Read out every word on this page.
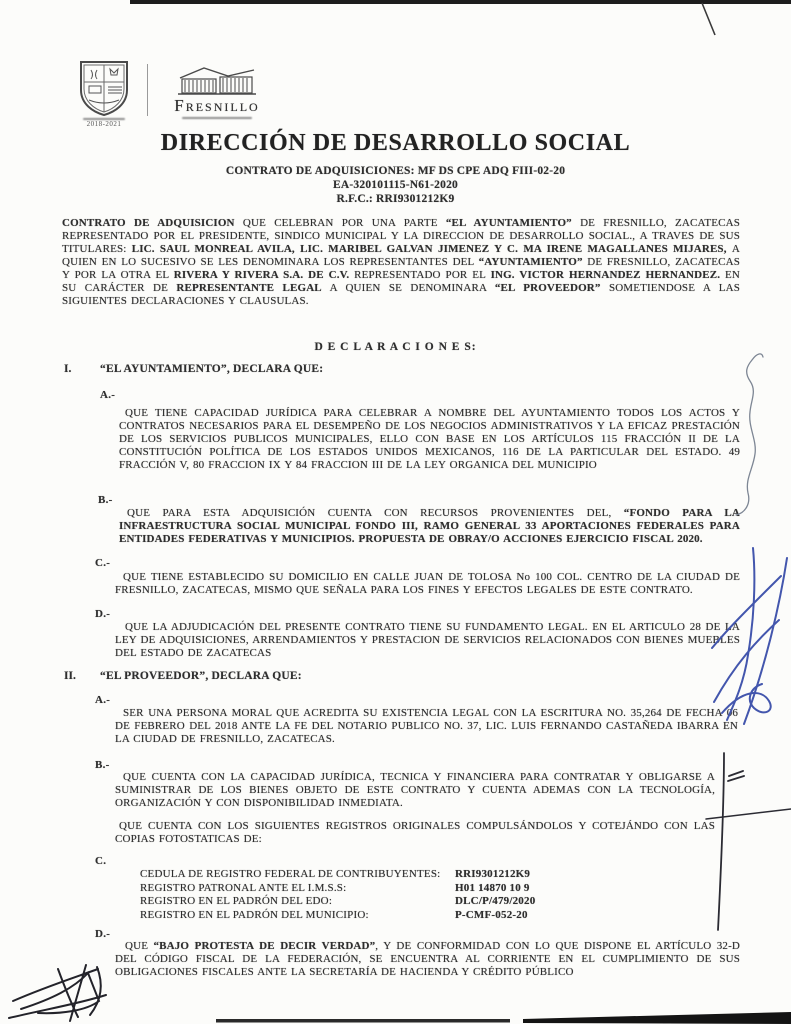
2018-2021
Fresnillo
DIRECCIÓN DE DESARROLLO SOCIAL
CONTRATO DE ADQUISICIONES: MF DS CPE ADQ FIII-02-20
EA-320101115-N61-2020
R.F.C.: RRI9301212K9
CONTRATO DE ADQUISICION QUE CELEBRAN POR UNA PARTE “EL AYUNTAMIENTO” DE FRESNILLO, ZACATECAS REPRESENTADO POR EL PRESIDENTE, SINDICO MUNICIPAL Y LA DIRECCION DE DESARROLLO SOCIAL., A TRAVES DE SUS TITULARES: LIC. SAUL MONREAL AVILA, LIC. MARIBEL GALVAN JIMENEZ Y C. MA IRENE MAGALLANES MIJARES, A QUIEN EN LO SUCESIVO SE LES DENOMINARA LOS REPRESENTANTES DEL “AYUNTAMIENTO” DE FRESNILLO, ZACATECAS Y POR LA OTRA EL RIVERA Y RIVERA S.A. DE C.V. REPRESENTADO POR EL ING. VICTOR HERNANDEZ HERNANDEZ. EN SU CARÁCTER DE REPRESENTANTE LEGAL A QUIEN SE DENOMINARA “EL PROVEEDOR” SOMETIENDOSE A LAS SIGUIENTES DECLARACIONES Y CLAUSULAS.
D E C L A R A C I O N E S:
I. “EL AYUNTAMIENTO”, DECLARA QUE:
A.-
QUE TIENE CAPACIDAD JURÍDICA PARA CELEBRAR A NOMBRE DEL AYUNTAMIENTO TODOS LOS ACTOS Y CONTRATOS NECESARIOS PARA EL DESEMPEÑO DE LOS NEGOCIOS ADMINISTRATIVOS Y LA EFICAZ PRESTACIÓN DE LOS SERVICIOS PUBLICOS MUNICIPALES, ELLO CON BASE EN LOS ARTÍCULOS 115 FRACCIÓN II DE LA CONSTITUCIÓN POLÍTICA DE LOS ESTADOS UNIDOS MEXICANOS, 116 DE LA PARTICULAR DEL ESTADO. 49 FRACCIÓN V, 80 FRACCION IX Y 84 FRACCION III DE LA LEY ORGANICA DEL MUNICIPIO
B.-
QUE PARA ESTA ADQUISICIÓN CUENTA CON RECURSOS PROVENIENTES DEL, “FONDO PARA LA INFRAESTRUCTURA SOCIAL MUNICIPAL FONDO III, RAMO GENERAL 33 APORTACIONES FEDERALES PARA ENTIDADES FEDERATIVAS Y MUNICIPIOS. PROPUESTA DE OBRAY/O ACCIONES EJERCICIO FISCAL 2020.
C.-
QUE TIENE ESTABLECIDO SU DOMICILIO EN CALLE JUAN DE TOLOSA No 100 COL. CENTRO DE LA CIUDAD DE FRESNILLO, ZACATECAS, MISMO QUE SEÑALA PARA LOS FINES Y EFECTOS LEGALES DE ESTE CONTRATO.
D.-
QUE LA ADJUDICACIÓN DEL PRESENTE CONTRATO TIENE SU FUNDAMENTO LEGAL. EN EL ARTICULO 28 DE LA LEY DE ADQUISICIONES, ARRENDAMIENTOS Y PRESTACION DE SERVICIOS RELACIONADOS CON BIENES MUEBLES DEL ESTADO DE ZACATECAS
II. “EL PROVEEDOR”, DECLARA QUE:
A.-
SER UNA PERSONA MORAL QUE ACREDITA SU EXISTENCIA LEGAL CON LA ESCRITURA NO. 35,264 DE FECHA 06 DE FEBRERO DEL 2018 ANTE LA FE DEL NOTARIO PUBLICO NO. 37, LIC. LUIS FERNANDO CASTAÑEDA IBARRA EN LA CIUDAD DE FRESNILLO, ZACATECAS.
B.-
QUE CUENTA CON LA CAPACIDAD JURÍDICA, TECNICA Y FINANCIERA PARA CONTRATAR Y OBLIGARSE A SUMINISTRAR DE LOS BIENES OBJETO DE ESTE CONTRATO Y CUENTA ADEMAS CON LA TECNOLOGÍA, ORGANIZACIÓN Y CON DISPONIBILIDAD INMEDIATA.
QUE CUENTA CON LOS SIGUIENTES REGISTROS ORIGINALES COMPULSÁNDOLOS Y COTEJÁNDO CON LAS COPIAS FOTOSTATICAS DE:
C.
CEDULA DE REGISTRO FEDERAL DE CONTRIBUYENTES:	RRI9301212K9
REGISTRO PATRONAL ANTE EL I.M.S.S:	H01 14870 10 9
REGISTRO EN EL PADRÓN DEL EDO:	DLC/P/479/2020
REGISTRO EN EL PADRÓN DEL MUNICIPIO:	P-CMF-052-20
D.-
QUE “BAJO PROTESTA DE DECIR VERDAD”, Y DE CONFORMIDAD CON LO QUE DISPONE EL ARTÍCULO 32-D DEL CÓDIGO FISCAL DE LA FEDERACIÓN, SE ENCUENTRA AL CORRIENTE EN EL CUMPLIMIENTO DE SUS OBLIGACIONES FISCALES ANTE LA SECRETARÍA DE HACIENDA Y CRÉDITO PÚBLICO
